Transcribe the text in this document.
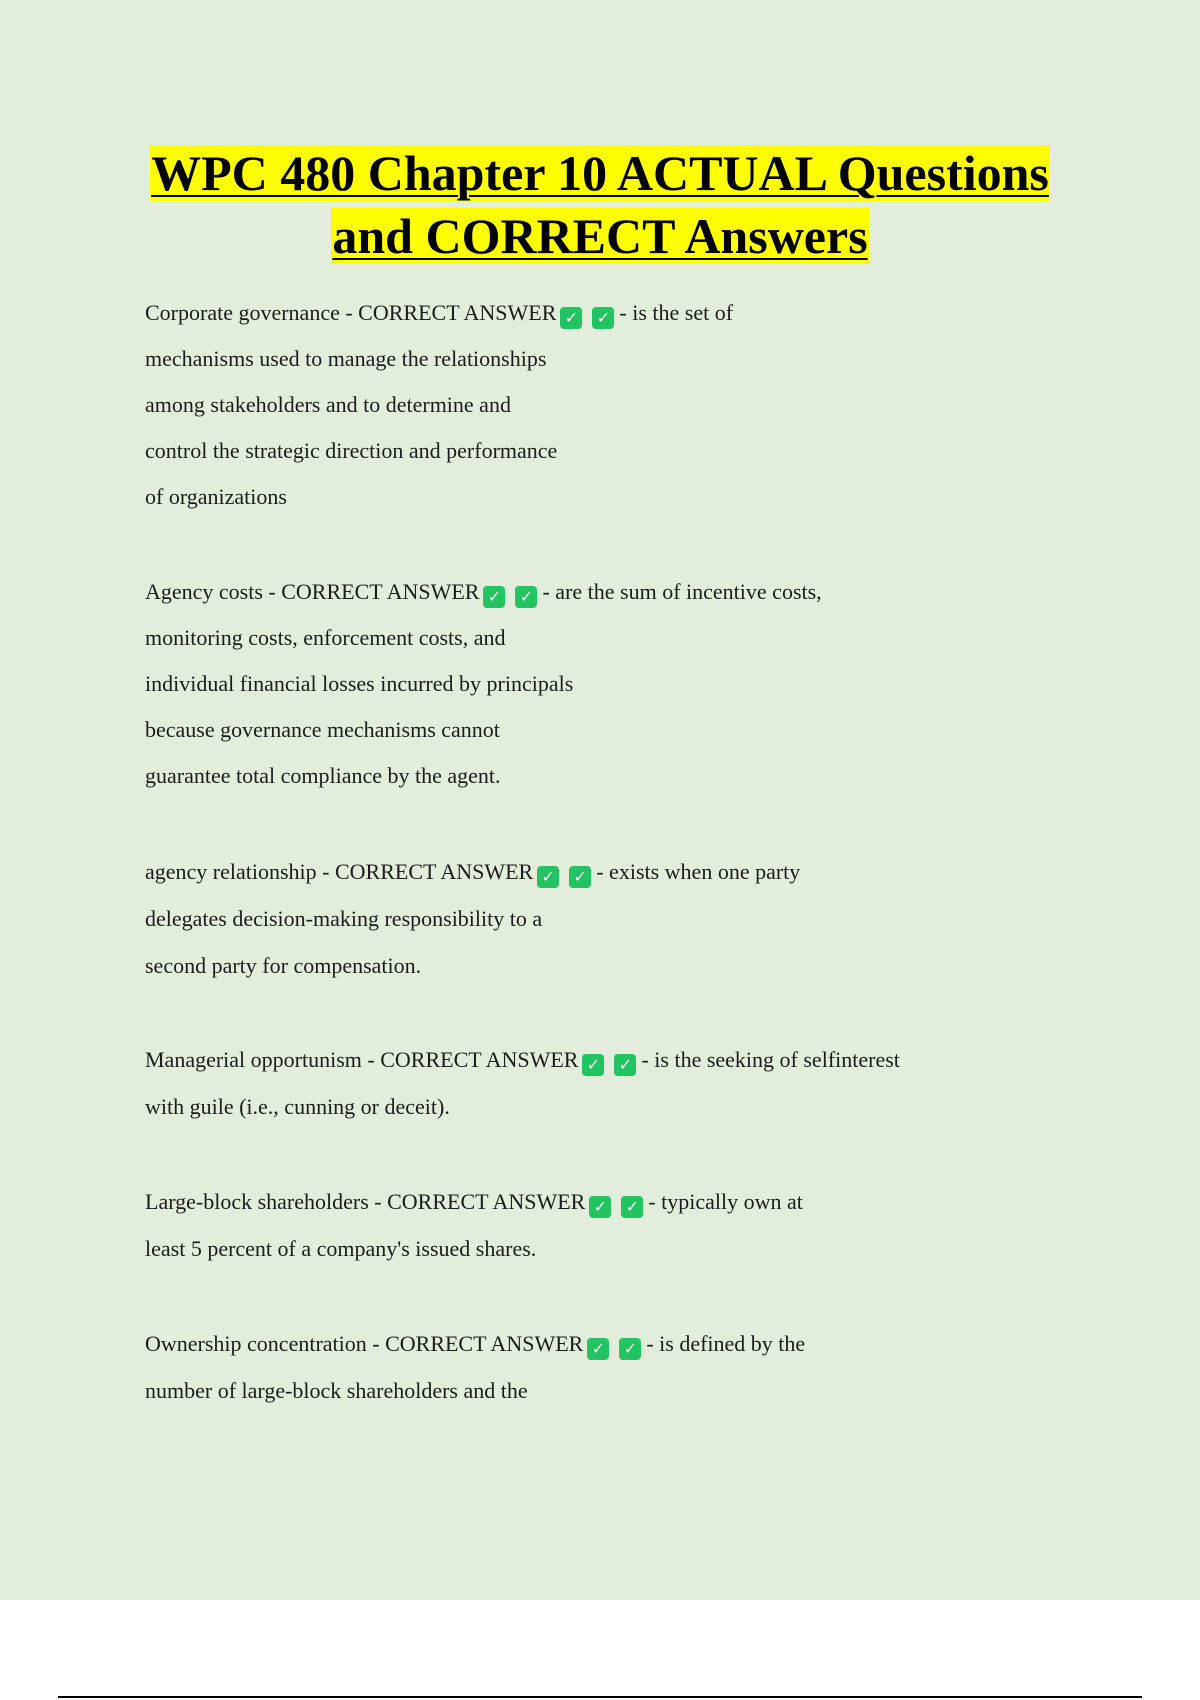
WPC 480 Chapter 10 ACTUAL Questions
and CORRECT Answers
Corporate governance - CORRECT ANSWER ✓ ✓ - is the set of
mechanisms used to manage the relationships
among stakeholders and to determine and
control the strategic direction and performance
of organizations
Agency costs - CORRECT ANSWER ✓ ✓ - are the sum of incentive costs,
monitoring costs, enforcement costs, and
individual financial losses incurred by principals
because governance mechanisms cannot
guarantee total compliance by the agent.
agency relationship - CORRECT ANSWER ✓ ✓ - exists when one party
delegates decision-making responsibility to a
second party for compensation.
Managerial opportunism - CORRECT ANSWER ✓ ✓ - is the seeking of selfinterest
with guile (i.e., cunning or deceit).
Large-block shareholders - CORRECT ANSWER ✓ ✓ - typically own at
least 5 percent of a company's issued shares.
Ownership concentration - CORRECT ANSWER ✓ ✓ - is defined by the
number of large-block shareholders and the
